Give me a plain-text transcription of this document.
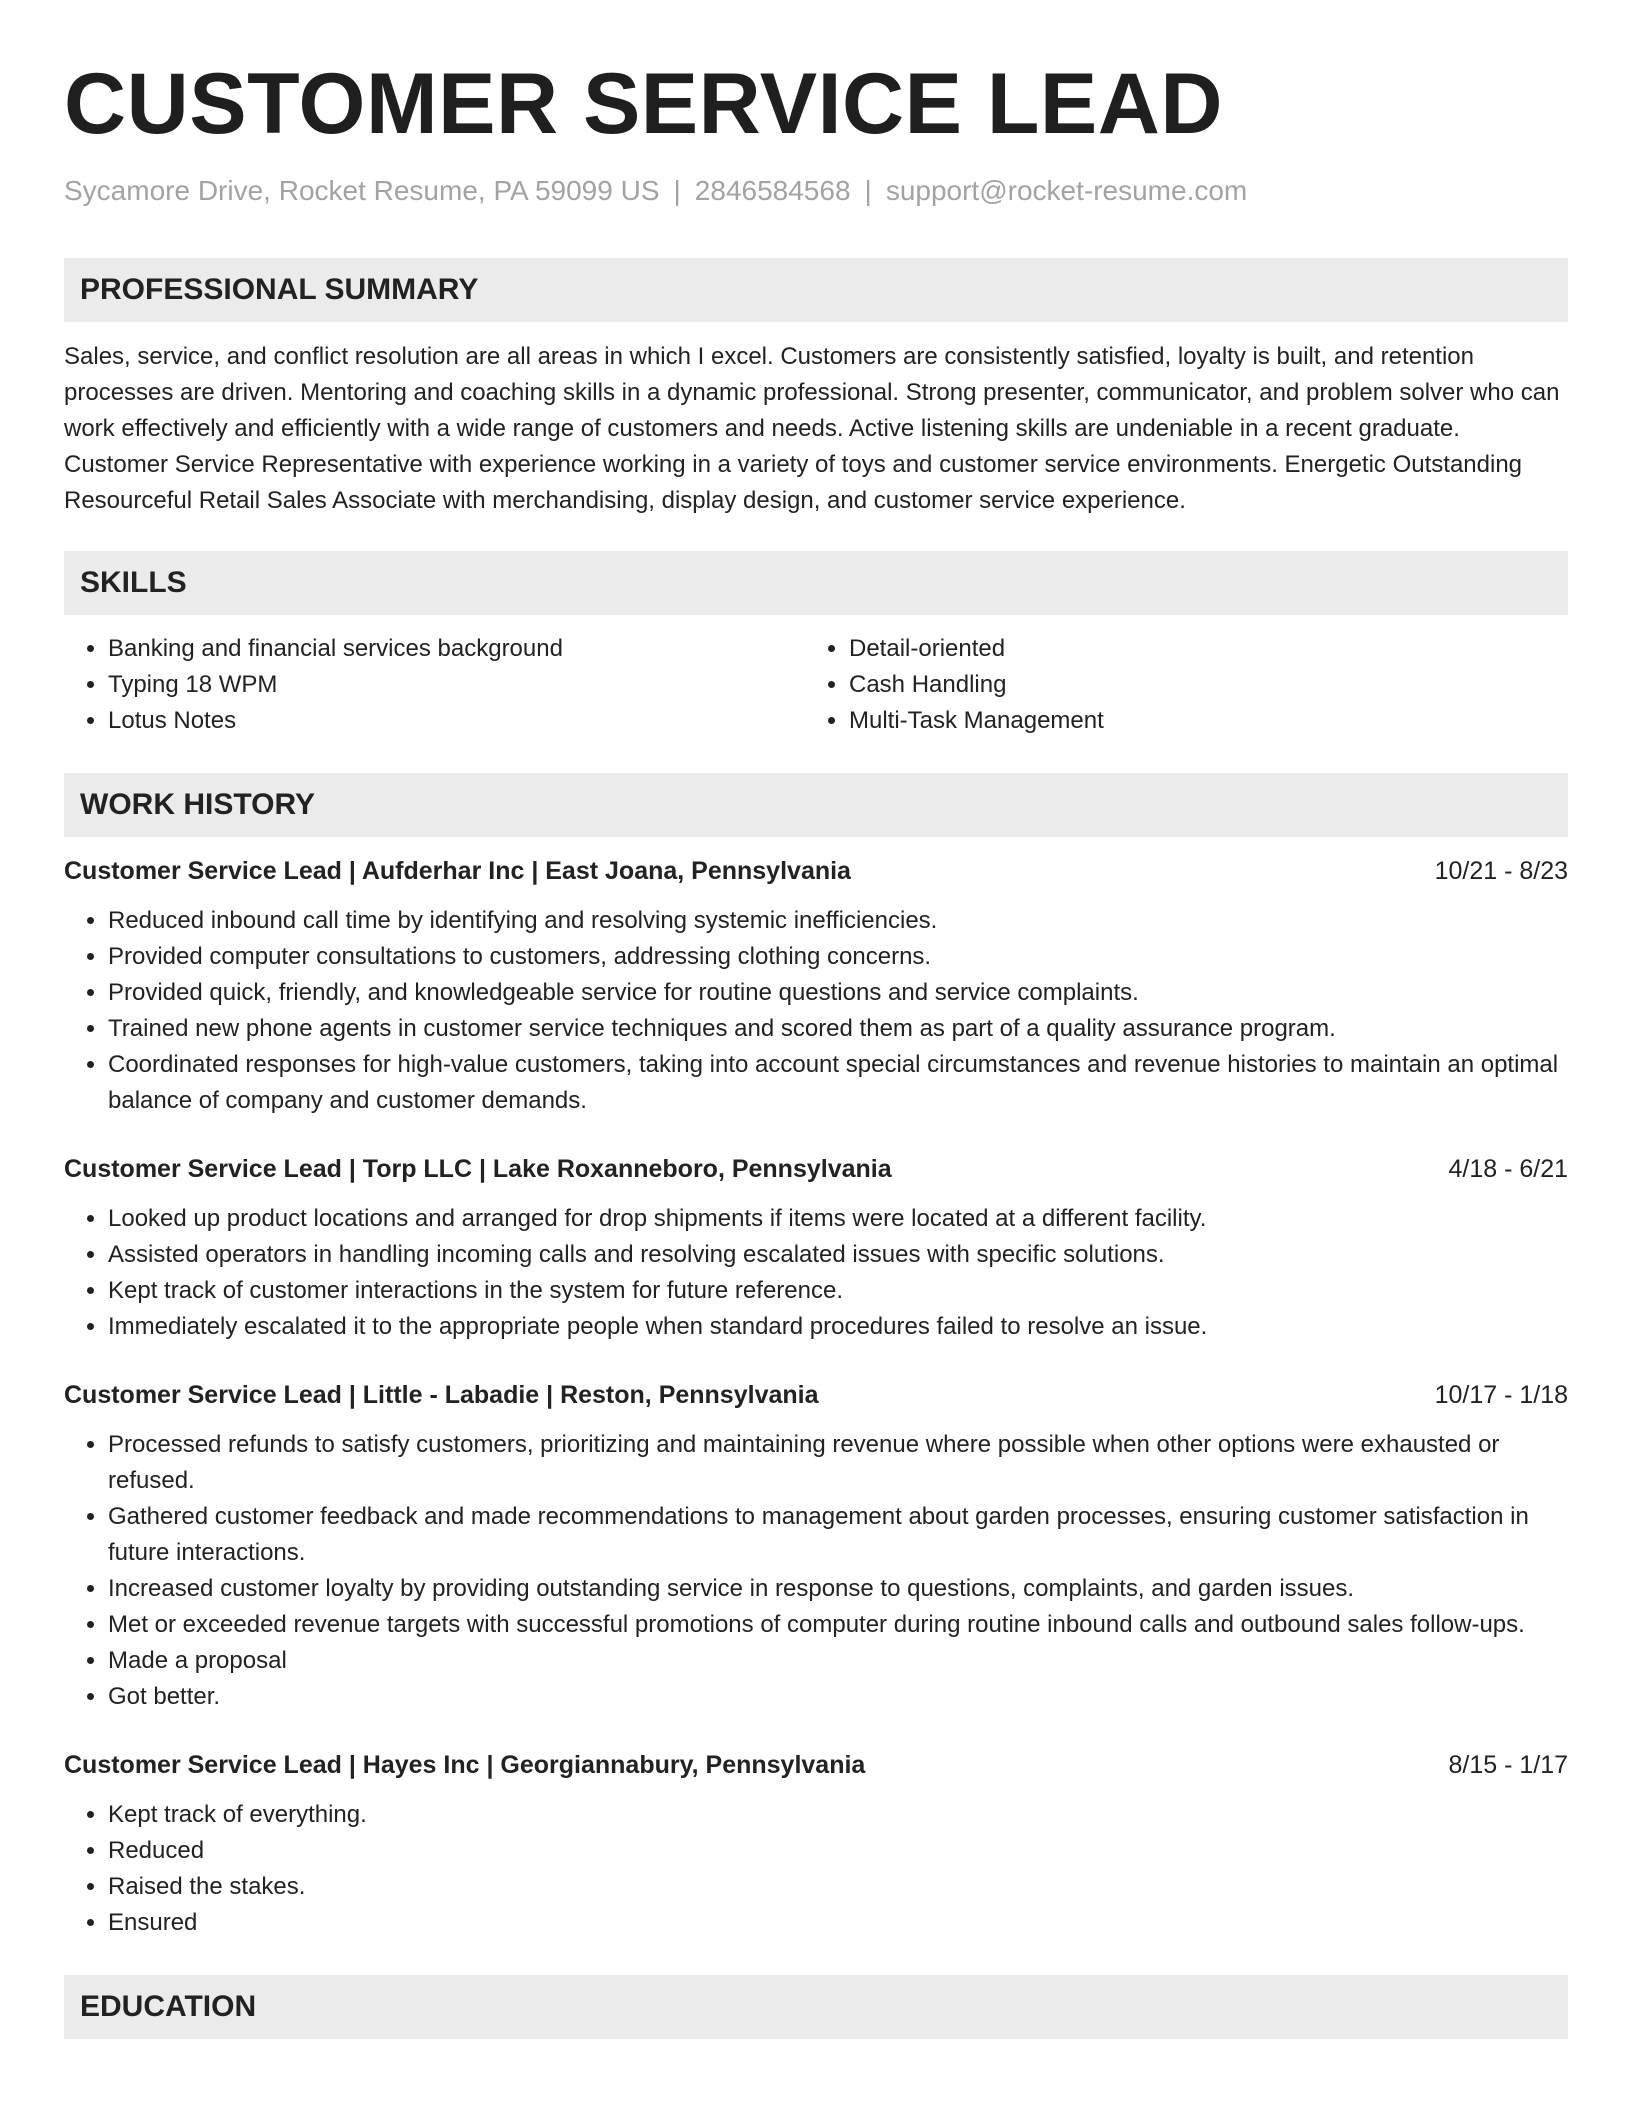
CUSTOMER SERVICE LEAD
Sycamore Drive, Rocket Resume, PA 59099 US | 2846584568 | support@rocket-resume.com
PROFESSIONAL SUMMARY
Sales, service, and conflict resolution are all areas in which I excel. Customers are consistently satisfied, loyalty is built, and retention processes are driven. Mentoring and coaching skills in a dynamic professional. Strong presenter, communicator, and problem solver who can work effectively and efficiently with a wide range of customers and needs. Active listening skills are undeniable in a recent graduate. Customer Service Representative with experience working in a variety of toys and customer service environments. Energetic Outstanding Resourceful Retail Sales Associate with merchandising, display design, and customer service experience.
SKILLS
• Banking and financial services background
• Typing 18 WPM
• Lotus Notes
• Detail-oriented
• Cash Handling
• Multi-Task Management
WORK HISTORY
Customer Service Lead | Aufderhar Inc | East Joana, Pennsylvania	10/21 - 8/23
• Reduced inbound call time by identifying and resolving systemic inefficiencies.
• Provided computer consultations to customers, addressing clothing concerns.
• Provided quick, friendly, and knowledgeable service for routine questions and service complaints.
• Trained new phone agents in customer service techniques and scored them as part of a quality assurance program.
• Coordinated responses for high-value customers, taking into account special circumstances and revenue histories to maintain an optimal balance of company and customer demands.
Customer Service Lead | Torp LLC | Lake Roxanneboro, Pennsylvania	4/18 - 6/21
• Looked up product locations and arranged for drop shipments if items were located at a different facility.
• Assisted operators in handling incoming calls and resolving escalated issues with specific solutions.
• Kept track of customer interactions in the system for future reference.
• Immediately escalated it to the appropriate people when standard procedures failed to resolve an issue.
Customer Service Lead | Little - Labadie | Reston, Pennsylvania	10/17 - 1/18
• Processed refunds to satisfy customers, prioritizing and maintaining revenue where possible when other options were exhausted or refused.
• Gathered customer feedback and made recommendations to management about garden processes, ensuring customer satisfaction in future interactions.
• Increased customer loyalty by providing outstanding service in response to questions, complaints, and garden issues.
• Met or exceeded revenue targets with successful promotions of computer during routine inbound calls and outbound sales follow-ups.
• Made a proposal
• Got better.
Customer Service Lead | Hayes Inc | Georgiannabury, Pennsylvania	8/15 - 1/17
• Kept track of everything.
• Reduced
• Raised the stakes.
• Ensured
EDUCATION
